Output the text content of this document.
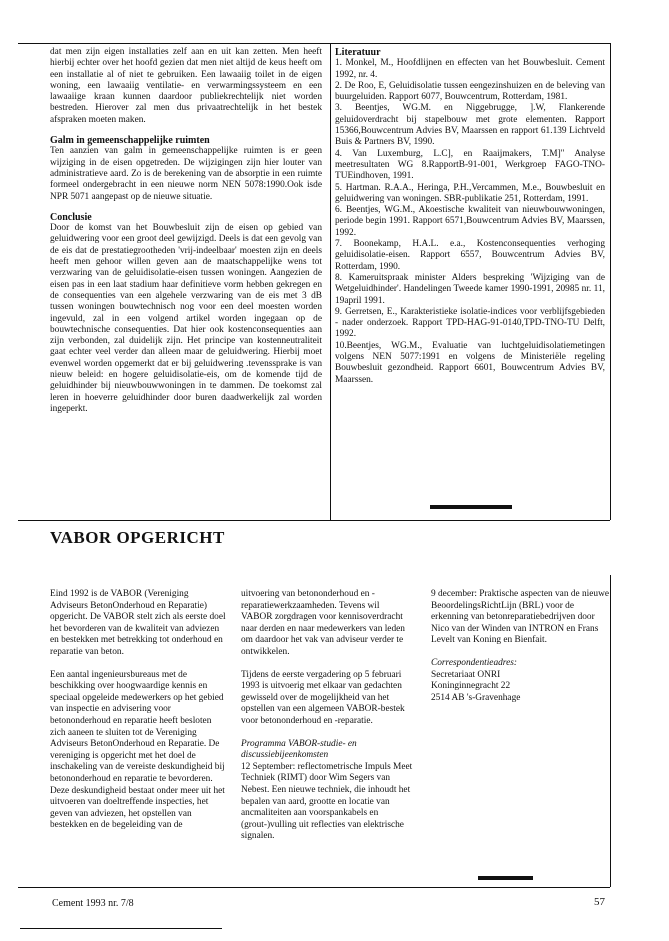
dat men zijn eigen installaties zelf aan en uit kan zetten. Men heeft hierbij echter over het hoofd gezien dat men niet altijd de keus heeft om een installatie al of niet te gebruiken. Een lawaaiig toilet in de eigen woning, een lawaaiig ventilatie- en verwarmingssysteem en een lawaaiige kraan kunnen daardoor publiekrechtelijk niet worden bestreden. Hierover zal men dus privaatrechtelijk in het bestek afspraken moeten maken.

Galm in gemeenschappelijke ruimten

Ten aanzien van galm in gemeenschappelijke ruimten is er geen wijziging in de eisen opgetreden. De wijzigingen zijn hier louter van administratieve aard. Zo is de berekening van de absorptie in een ruimte formeel ondergebracht in een nieuwe norm NEN 5078:1990.Ook isde NPR 5071 aangepast op de nieuwe situatie.

Conclusie

Door de komst van het Bouwbesluit zijn de eisen op gebied van geluidwering voor een groot deel gewijzigd. Deels is dat een gevolg van de eis dat de prestatiegrootheden 'vrij-indeelbaar' moesten zijn en deels heeft men gehoor willen geven aan de maatschappelijke wens tot verzwaring van de geluidisolatie-eisen tussen woningen. Aangezien de eisen pas in een laat stadium haar definitieve vorm hebben gekregen en de consequenties van een algehele verzwaring van de eis met 3 dB tussen woningen bouwtechnisch nog voor een deel moesten worden ingevuld, zal in een volgend artikel worden ingegaan op de bouwtechnische consequenties. Dat hier ook kostenconsequenties aan zijn verbonden, zal duidelijk zijn. Het principe van kostenneutraliteit gaat echter veel verder dan alleen maar de geluidwering. Hierbij moet evenwel worden opgemerkt dat er bij geluidwering .tevenssprake is van nieuw beleid: en hogere geluidisolatie-eis, om de komende tijd de geluidhinder bij nieuwbouwwoningen in te dammen. De toekomst zal leren in hoeverre geluidhinder door buren daadwerkelijk zal worden ingeperkt.

Literatuur
1. Monkel, M., Hoofdlijnen en effecten van het Bouwbesluit. Cement 1992, nr. 4.
2. De Roo, E, Geluidisolatie tussen eengezinshuizen en de beleving van buurgeluiden. Rapport 6077, Bouwcentrum, Rotterdam, 1981.
3. Beentjes, WG.M. en Niggebrugge, ].W, Flankerende geluidoverdracht bij stapelbouw met grote elementen. Rapport 15366,Bouwcentrum Advies BV, Maarssen en rapport 61.139 Lichtveld Buis & Partners BV, 1990.
4. Van Luxemburg, L.C], en Raaijmakers, T.M]" Analyse meetresultaten WG 8.RapportB-91-001, Werkgroep FAGO-TNO-TUEindhoven, 1991.
5. Hartman. R.A.A., Heringa, P.H.,Vercammen, M.e., Bouwbesluit en geluidwering van woningen. SBR-publikatie 251, Rotterdam, 1991.
6. Beentjes, WG.M., Akoestische kwaliteit van nieuwbouwwoningen, periode begin 1991. Rapport 6571,Bouwcentrum Advies BV, Maarssen, 1992.
7. Boonekamp, H.A.L. e.a., Kostenconsequenties verhoging geluidisolatie-eisen. Rapport 6557, Bouwcentrum Advies BV, Rotterdam, 1990.
8. Kameruitspraak minister Alders bespreking 'Wijziging van de Wetgeluidhinder'. Handelingen Tweede kamer 1990-1991, 20985 nr. 11, 19april 1991.
9. Gerretsen, E., Karakteristieke isolatie-indices voor verblijfsgebieden - nader onderzoek. Rapport TPD-HAG-91-0140,TPD-TNO-TU Delft, 1992.
10.Beentjes, WG.M., Evaluatie van luchtgeluidisolatiemetingen volgens NEN 5077:1991 en volgens de Ministeriële regeling Bouwbesluit gezondheid. Rapport 6601, Bouwcentrum Advies BV, Maarssen.
VABOR OPGERICHT

Eind 1992 is de VABOR (Vereniging Adviseurs BetonOnderhoud en Reparatie) opgericht. De VABOR stelt zich als eerste doel het bevorderen van de kwaliteit van adviezen en bestekken met betrekking tot onderhoud en reparatie van beton.

Een aantal ingenieursbureaus met de beschikking over hoogwaardige kennis en speciaal opgeleide medewerkers op het gebied van inspectie en advisering voor betononderhoud en reparatie heeft besloten zich aaneen te sluiten tot de Vereniging Adviseurs BetonOnderhoud en Reparatie. De vereniging is opgericht met het doel de inschakeling van de vereiste deskundigheid bij betononderhoud en reparatie te bevorderen. Deze deskundigheid bestaat onder meer uit het uitvoeren van doeltreffende inspecties, het geven van adviezen, het opstellen van bestekken en de begeleiding van de

uitvoering van betononderhoud en -reparatiewerkzaamheden. Tevens wil VABOR zorgdragen voor kennisoverdracht naar derden en naar medewerkers van leden om daardoor het vak van adviseur verder te ontwikkelen.

Tijdens de eerste vergadering op 5 februari 1993 is uitvoerig met elkaar van gedachten gewisseld over de mogelijkheid van het opstellen van een algemeen VABOR-bestek voor betononderhoud en -reparatie.

Programma VABOR-studie- en discussiebijeenkomsten
12 September: reflectometrische Impuls Meet Techniek (RIMT) door Wim Segers van Nebest. Een nieuwe techniek, die inhoudt het bepalen van aard, grootte en locatie van ancmaliteiten aan voorspankabels en (grout-)vulling uit reflecties van elektrische signalen.

9 december: Praktische aspecten van de nieuwe BeoordelingsRichtLijn (BRL) voor de erkenning van betonreparatiebedrijven door Nico van der Winden van INTRON en Frans Levelt van Koning en Bienfait.

Correspondentieadres:
Secretariaat ONRI
Koninginnegracht 22
2514 AB 's-Gravenhage
Cement 1993 nr. 7/8	57
